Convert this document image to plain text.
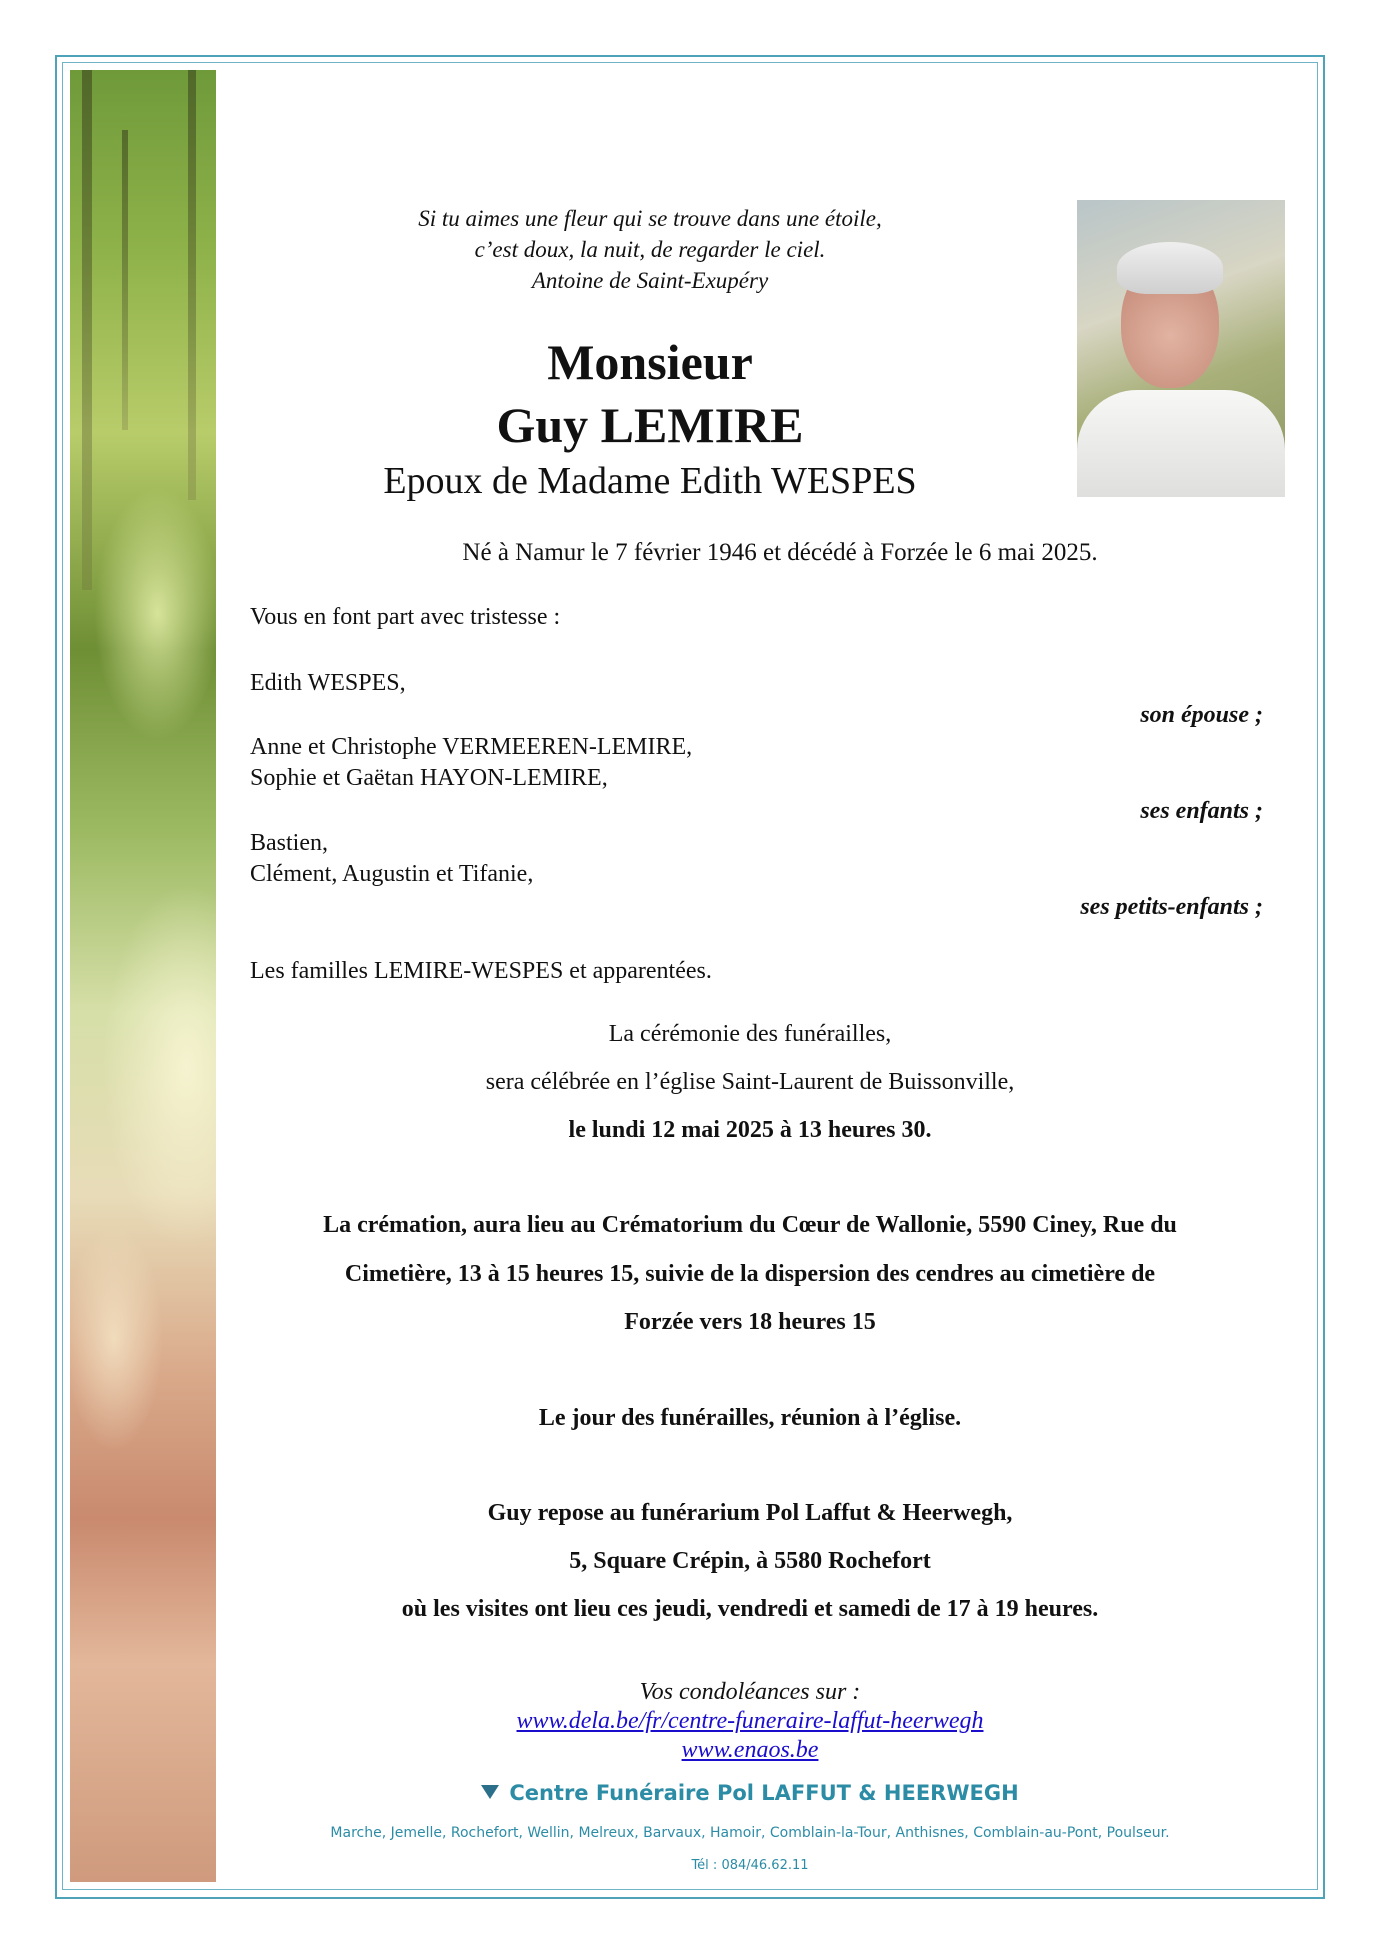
Si tu aimes une fleur qui se trouve dans une étoile,
c’est doux, la nuit, de regarder le ciel.
Antoine de Saint-Exupéry
Monsieur
Guy LEMIRE
Epoux de Madame Edith WESPES
Né à Namur le 7 février 1946 et décédé à Forzée le 6 mai 2025.
Vous en font part avec tristesse :
Edith WESPES,
son épouse ;
Anne et Christophe VERMEEREN-LEMIRE,
Sophie et Gaëtan HAYON-LEMIRE,
ses enfants ;
Bastien,
Clément, Augustin et Tifanie,
ses petits-enfants ;
Les familles LEMIRE-WESPES et apparentées.
La cérémonie des funérailles,
sera célébrée en l’église Saint-Laurent de Buissonville,
le lundi 12 mai 2025 à 13 heures 30.
La crémation, aura lieu au Crématorium du Cœur de Wallonie, 5590 Ciney, Rue du
Cimetière, 13 à 15 heures 15, suivie de la dispersion des cendres au cimetière de
Forzée vers 18 heures 15
Le jour des funérailles, réunion à l’église.
Guy repose au funérarium Pol Laffut & Heerwegh,
5, Square Crépin, à 5580 Rochefort
où les visites ont lieu ces jeudi, vendredi et samedi de 17 à 19 heures.
Vos condoléances sur :
www.dela.be/fr/centre-funeraire-laffut-heerwegh
www.enaos.be
Centre Funéraire Pol LAFFUT & HEERWEGH
Marche, Jemelle, Rochefort, Wellin, Melreux, Barvaux, Hamoir, Comblain-la-Tour, Anthisnes, Comblain-au-Pont, Poulseur.
Tél : 084/46.62.11
